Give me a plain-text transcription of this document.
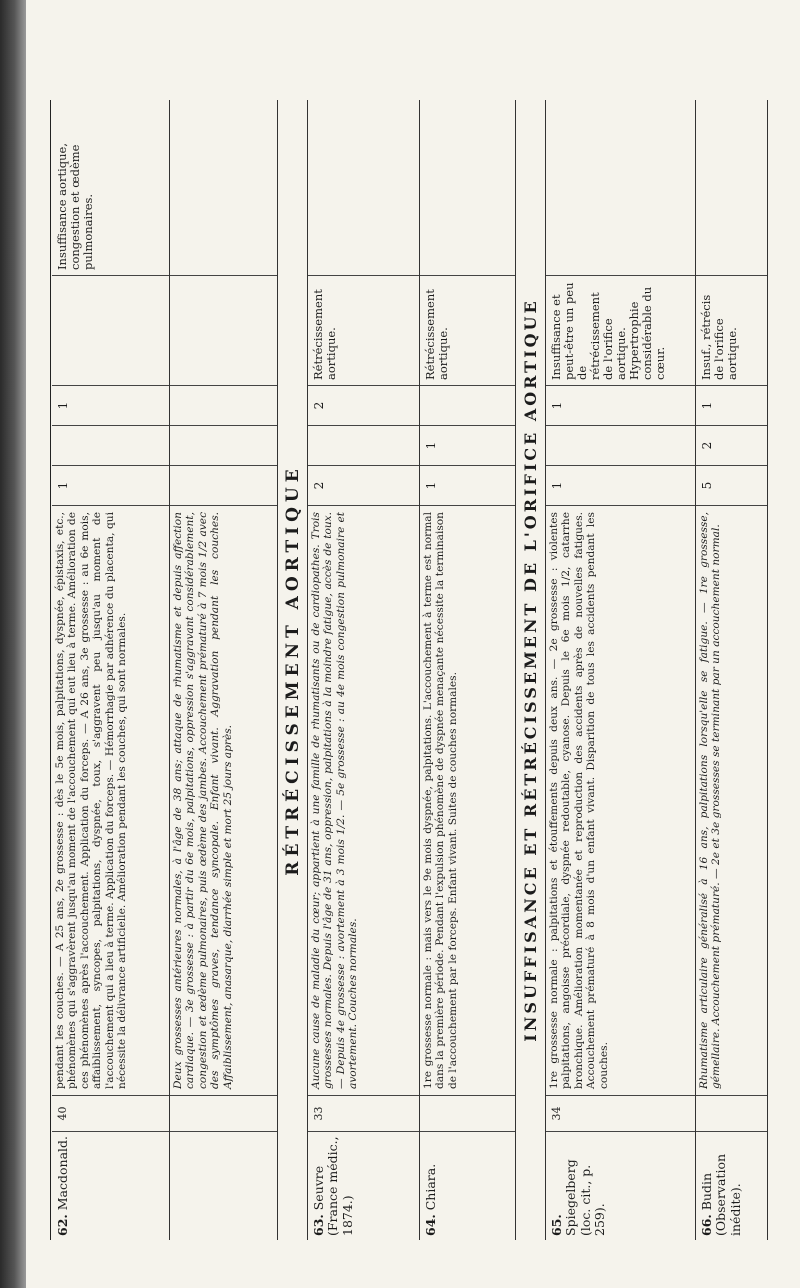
62. Macdonald.
40
pendant les couches. — A 25 ans, 2e grossesse : dès le 5e mois, palpitations, dyspnée, épistaxis, etc., phénomènes qui s'aggravèrent jusqu'au moment de l'accouchement qui eut lieu à terme. Amélioration de ces phénomènes après l'accouchement. Application du forceps. — A 26 ans, 3e grossesse : au 6e mois, affaiblissement, syncopes, palpitations, dyspnée, toux, s'aggravent peu jusqu'au moment de l'accouchement qui a lieu à terme. Application du forceps. — Hémorrhagie par adhérence du placenta, qui nécessite la délivrance artificielle. Amélioration pendant les couches, qui sont normales.
1
1
Insuffisance aortique, congestion et œdème pulmonaires.
Deux grossesses antérieures normales, à l'âge de 38 ans; attaque de rhumatisme et depuis affection cardiaque. — 3e grossesse : à partir du 6e mois, palpitations, oppression s'aggravant considérablement, congestion et œdème pulmonaires, puis œdème des jambes. Accouchement prématuré à 7 mois 1/2 avec des symptômes graves, tendance syncopale. Enfant vivant. Aggravation pendant les couches. Affaiblissement, anasarque, diarrhée simple et mort 25 jours après.
RÉTRÉCISSEMENT AORTIQUE
63. Seuvre (France médic., 1874.)
33
Aucune cause de maladie du cœur; appartient à une famille de rhumatisants ou de cardiopathes. Trois grossesses normales. Depuis l'âge de 31 ans, oppression, palpitations à la moindre fatigue, accès de toux. — Depuis 4e grossesse : avortement à 3 mois 1/2. — 5e grossesse : au 4e mois congestion pulmonaire et avortement. Couches normales.
2
2
Rétrécissement aortique.
64. Chiara.
1re grossesse normale : mais vers le 9e mois dyspnée, palpitations. L'accouchement à terme est normal dans la première période. Pendant l'expulsion phénomène de dyspnée menaçante nécessite la terminaison de l'accouchement par le forceps. Enfant vivant. Suites de couches normales.
1
1
Rétrécissement aortique.	INSUFFISANCE ET RÉTRÉCISSEMENT DE L'ORIFICE AORTIQUE
65. Spiegelberg (loc. cit., p. 259).
34
1re grossesse normale : palpitations et étouffements depuis deux ans. — 2e grossesse : violentes palpitations, angoisse précordiale, dyspnée redoutable, cyanose. Depuis le 6e mois 1/2, catarrhe bronchique. Amélioration momentanée et reproduction des accidents après de nouvelles fatigues. Accouchement prématuré à 8 mois d'un enfant vivant. Disparition de tous les accidents pendant les couches.
1
1
Insuffisance et peut-être un peu de rétrécissement de l'orifice aortique. Hypertrophie considérable du cœur.
66. Budin (Observation inédite).
Rhumatisme articulaire généralisé à 16 ans, palpitations lorsqu'elle se fatigue. — 1re grossesse, gémellaire. Accouchement prématuré. — 2e et 3e grossesses se terminant par un accouchement normal.
5
2
1
Insuf., rétrécis de l'orifice aortique.
